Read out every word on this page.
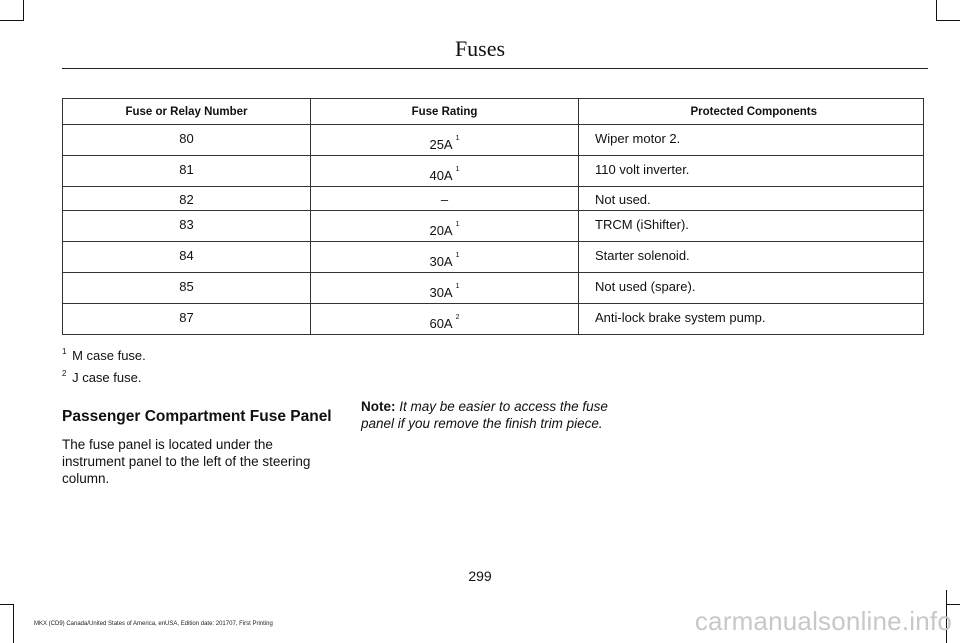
Fuses
Fuse or Relay Number	Fuse Rating	Protected Components
80	25A $^1$	Wiper motor 2.
81	40A $^1$	110 volt inverter.
82	–	Not used.
83	20A $^1$	TRCM (iShifter).
84	30A $^1$	Starter solenoid.
85	30A $^1$	Not used (spare).
87	60A $^2$	Anti-lock brake system pump.
$^1$ M case fuse.
$^2$ J case fuse.
Passenger Compartment Fuse Panel
The fuse panel is located under the instrument panel to the left of the steering column.
Note: It may be easier to access the fuse panel if you remove the finish trim piece.
299
MKX (CD9) Canada/United States of America, enUSA, Edition date: 201707, First Printing	carmanualsonline.info
